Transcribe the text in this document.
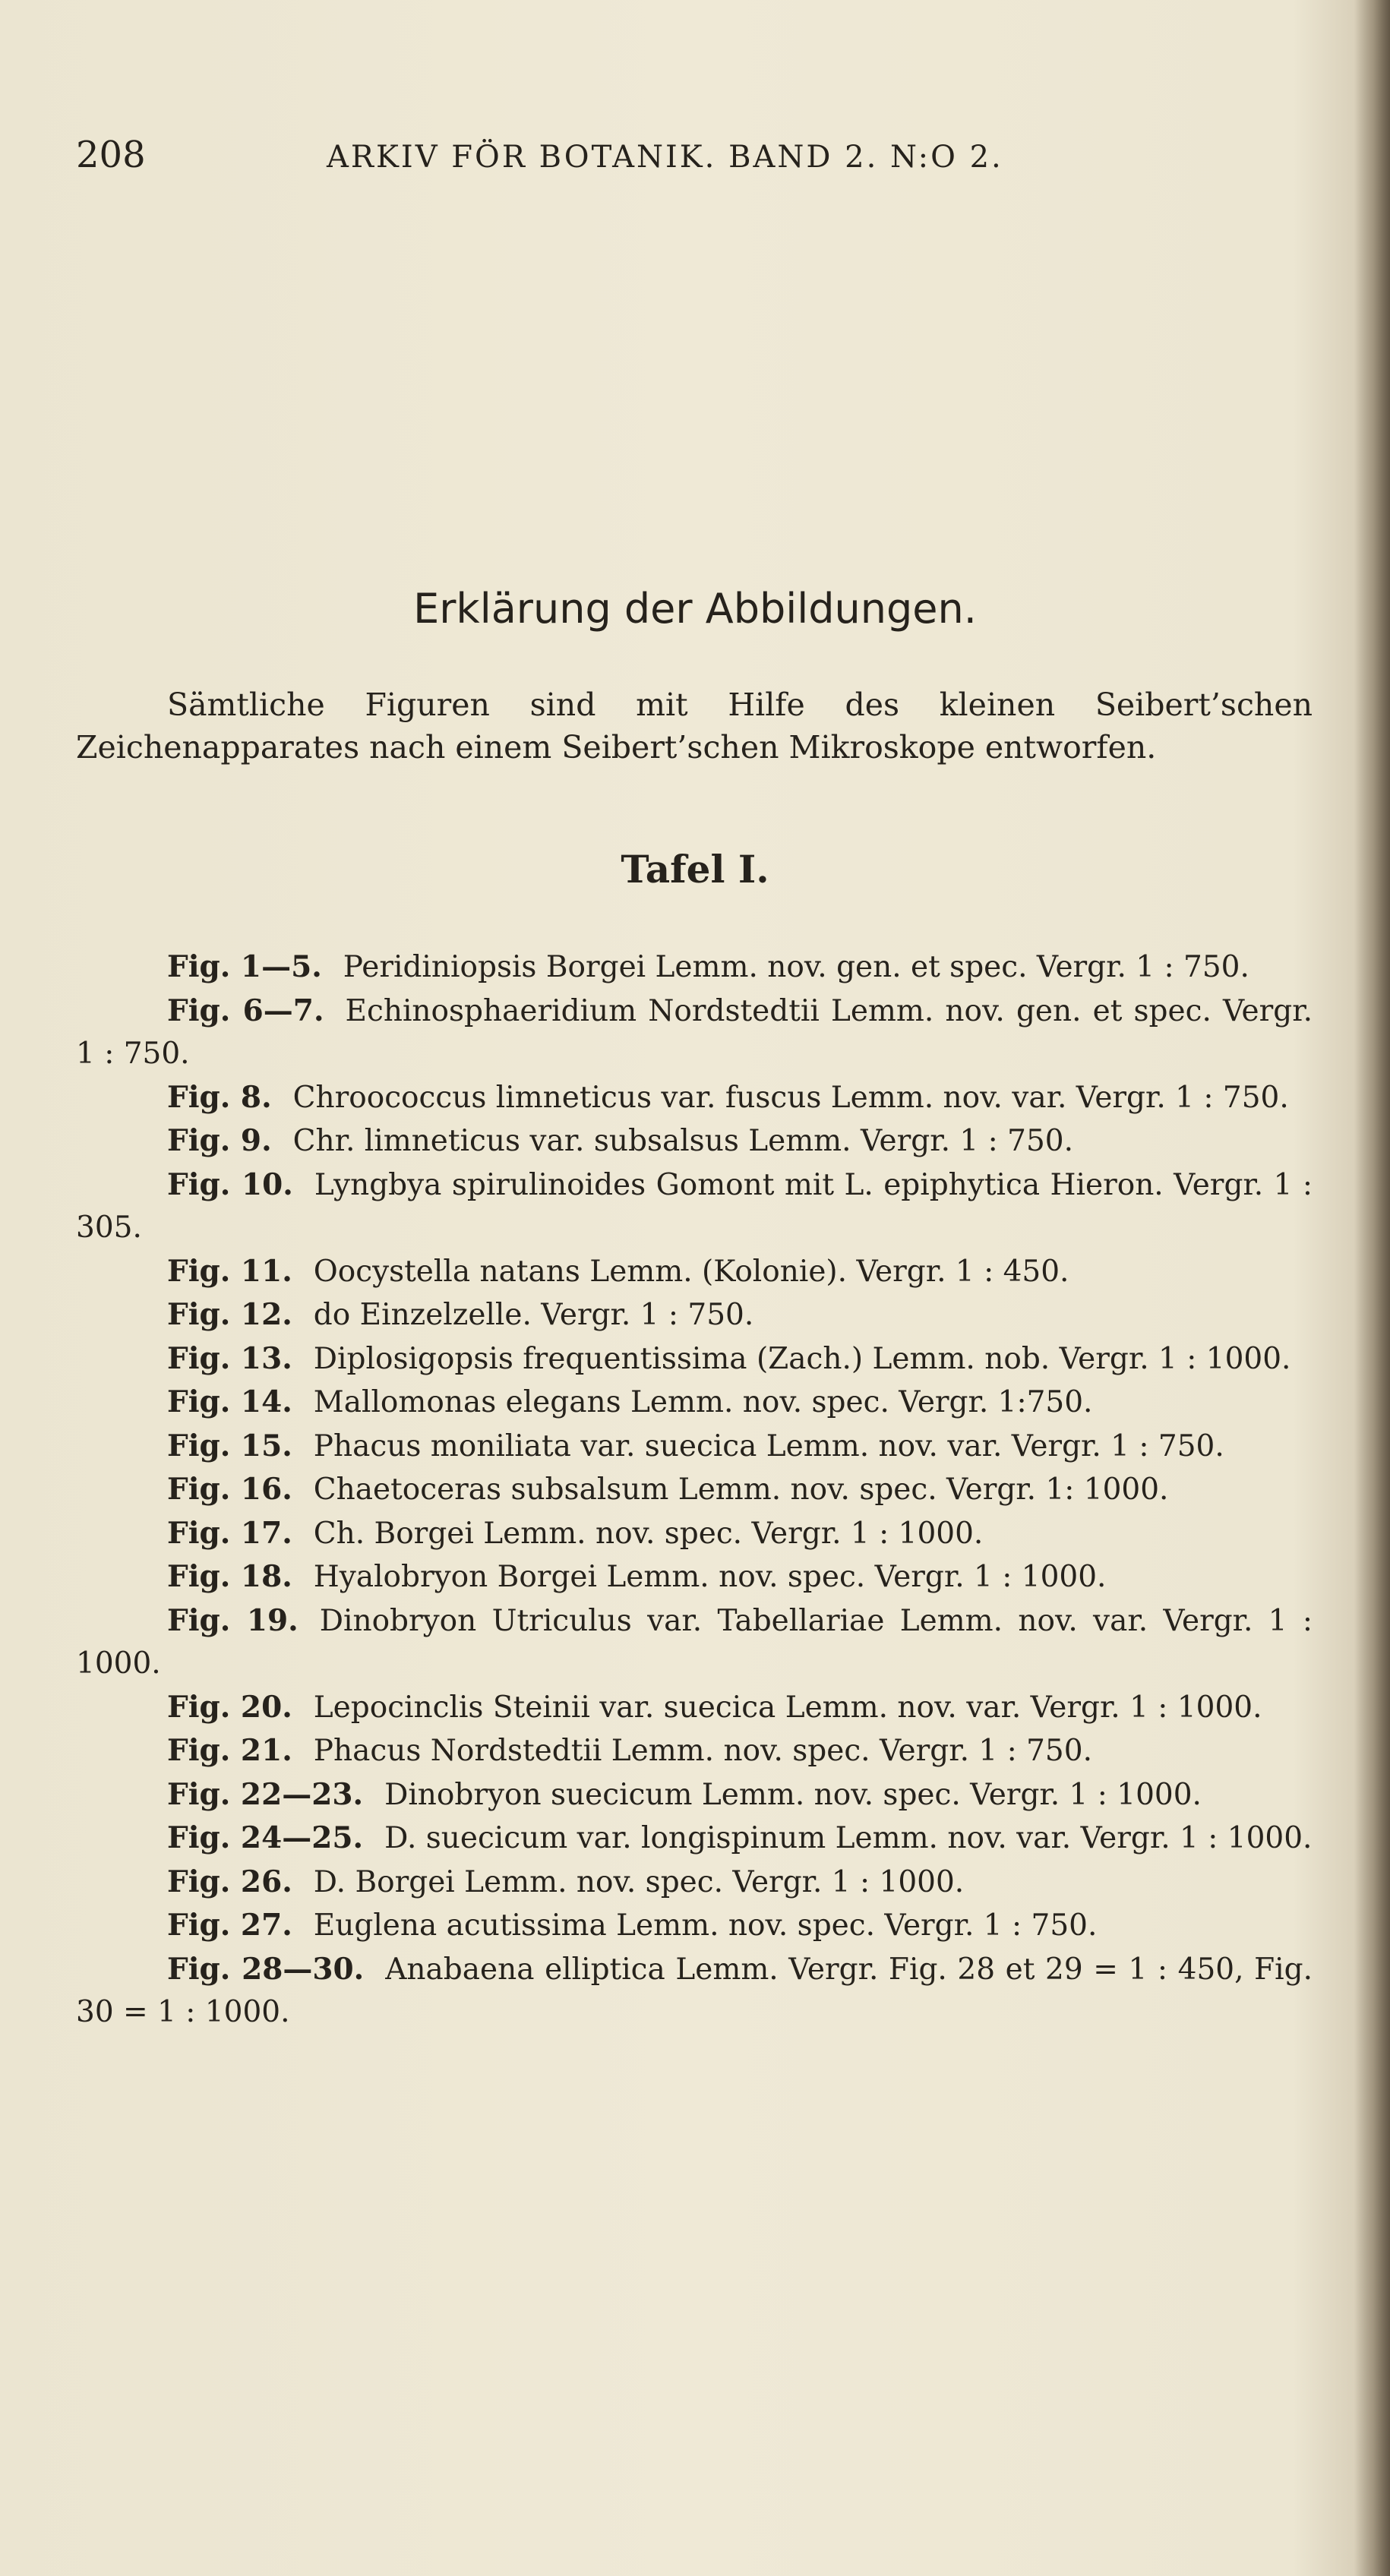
208	ARKIV FÖR BOTANIK. BAND 2. N:O 2.
Erklärung der Abbildungen.

Sämtliche Figuren sind mit Hilfe des kleinen Seibert’schen Zeichenapparates nach einem Seibert’schen Mikroskope entworfen.

Tafel I.
Fig. 1—5. Peridiniopsis Borgei Lemm. nov. gen. et spec. Vergr. 1 : 750.
Fig. 6—7. Echinosphaeridium Nordstedtii Lemm. nov. gen. et spec. Vergr. 1 : 750.
Fig. 8. Chroococcus limneticus var. fuscus Lemm. nov. var. Vergr. 1 : 750.
Fig. 9. Chr. limneticus var. subsalsus Lemm. Vergr. 1 : 750.
Fig. 10. Lyngbya spirulinoides Gomont mit L. epiphytica Hieron. Vergr. 1 : 305.
Fig. 11. Oocystella natans Lemm. (Kolonie). Vergr. 1 : 450.
Fig. 12. do Einzelzelle. Vergr. 1 : 750.
Fig. 13. Diplosigopsis frequentissima (Zach.) Lemm. nob. Vergr. 1 : 1000.
Fig. 14. Mallomonas elegans Lemm. nov. spec. Vergr. 1:750.
Fig. 15. Phacus moniliata var. suecica Lemm. nov. var. Vergr. 1 : 750.
Fig. 16. Chaetoceras subsalsum Lemm. nov. spec. Vergr. 1: 1000.
Fig. 17. Ch. Borgei Lemm. nov. spec. Vergr. 1 : 1000.
Fig. 18. Hyalobryon Borgei Lemm. nov. spec. Vergr. 1 : 1000.
Fig. 19. Dinobryon Utriculus var. Tabellariae Lemm. nov. var. Vergr. 1 : 1000.
Fig. 20. Lepocinclis Steinii var. suecica Lemm. nov. var. Vergr. 1 : 1000.
Fig. 21. Phacus Nordstedtii Lemm. nov. spec. Vergr. 1 : 750.
Fig. 22—23. Dinobryon suecicum Lemm. nov. spec. Vergr. 1 : 1000.
Fig. 24—25. D. suecicum var. longispinum Lemm. nov. var. Vergr. 1 : 1000.
Fig. 26. D. Borgei Lemm. nov. spec. Vergr. 1 : 1000.
Fig. 27. Euglena acutissima Lemm. nov. spec. Vergr. 1 : 750.
Fig. 28—30. Anabaena elliptica Lemm. Vergr. Fig. 28 et 29 = 1 : 450, Fig. 30 = 1 : 1000.
